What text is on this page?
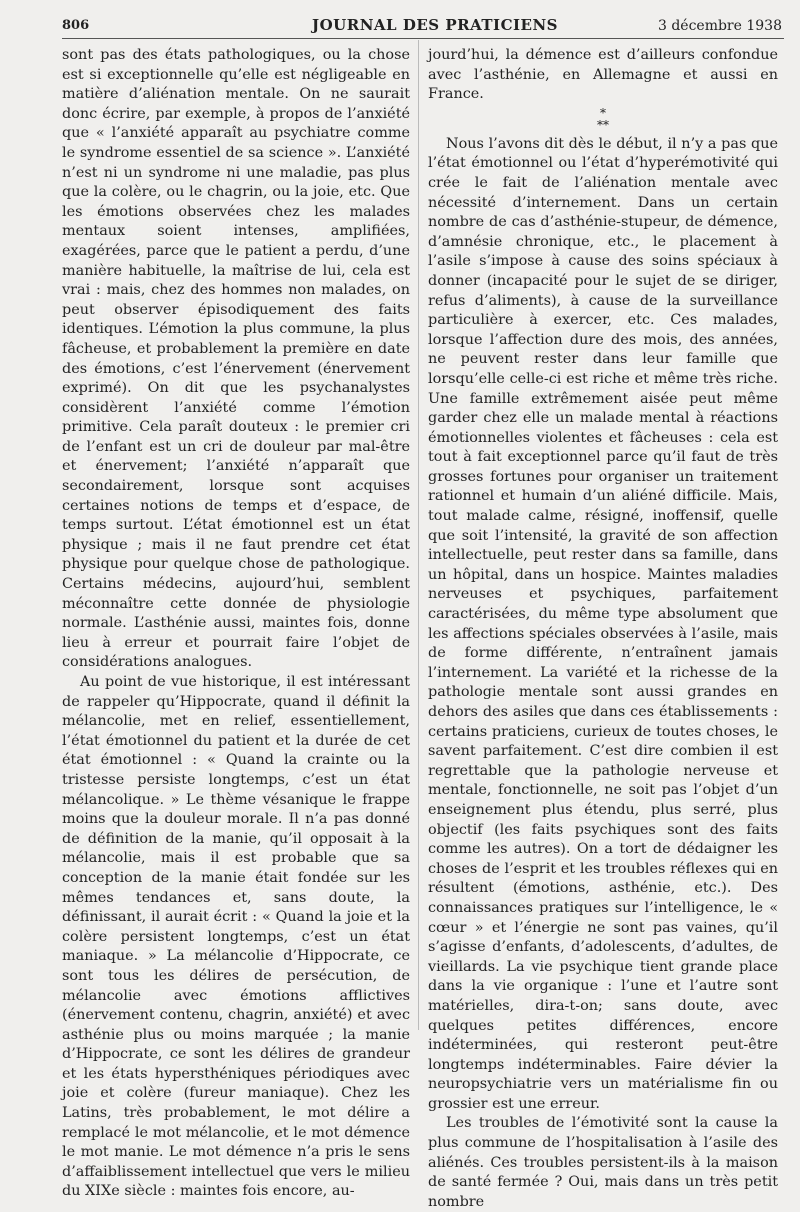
806	JOURNAL DES PRATICIENS	3 décembre 1938

sont pas des états pathologiques, ou la chose est si exceptionnelle qu’elle est négligeable en matière d’aliénation mentale. On ne saurait donc écrire, par exemple, à propos de l’anxiété que « l’anxiété apparaît au psychiatre comme le syndrome essentiel de sa science ». L’anxiété n’est ni un syndrome ni une maladie, pas plus que la colère, ou le chagrin, ou la joie, etc. Que les émotions observées chez les malades mentaux soient intenses, amplifiées, exagérées, parce que le patient a perdu, d’une manière habituelle, la maîtrise de lui, cela est vrai : mais, chez des hommes non malades, on peut observer épisodiquement des faits identiques. L’émotion la plus commune, la plus fâcheuse, et probablement la première en date des émotions, c’est l’énervement (énervement exprimé). On dit que les psychanalystes considèrent l’anxiété comme l’émotion primitive. Cela paraît douteux : le premier cri de l’enfant est un cri de douleur par mal-être et énervement; l’anxiété n’apparaît que secondairement, lorsque sont acquises certaines notions de temps et d’espace, de temps surtout. L’état émotionnel est un état physique ; mais il ne faut prendre cet état physique pour quelque chose de pathologique. Certains médecins, aujourd’hui, semblent méconnaître cette donnée de physiologie normale. L’asthénie aussi, maintes fois, donne lieu à erreur et pourrait faire l’objet de considérations analogues.

Au point de vue historique, il est intéressant de rappeler qu’Hippocrate, quand il définit la mélancolie, met en relief, essentiellement, l’état émotionnel du patient et la durée de cet état émotionnel : « Quand la crainte ou la tristesse persiste longtemps, c’est un état mélancolique. » Le thème vésanique le frappe moins que la douleur morale. Il n’a pas donné de définition de la manie, qu’il opposait à la mélancolie, mais il est probable que sa conception de la manie était fondée sur les mêmes tendances et, sans doute, la définissant, il aurait écrit : « Quand la joie et la colère persistent longtemps, c’est un état maniaque. » La mélancolie d’Hippocrate, ce sont tous les délires de persécution, de mélancolie avec émotions afflictives (énervement contenu, chagrin, anxiété) et avec asthénie plus ou moins marquée ; la manie d’Hippocrate, ce sont les délires de grandeur et les états hypersthéniques périodiques avec joie et colère (fureur maniaque). Chez les Latins, très probablement, le mot délire a remplacé le mot mélancolie, et le mot démence le mot manie. Le mot démence n’a pris le sens d’affaiblissement intellectuel que vers le milieu du XIXe siècle : maintes fois encore, au-

jourd’hui, la démence est d’ailleurs confondue avec l’asthénie, en Allemagne et aussi en France.

*
**

Nous l’avons dit dès le début, il n’y a pas que l’état émotionnel ou l’état d’hyperémotivité qui crée le fait de l’aliénation mentale avec nécessité d’internement. Dans un certain nombre de cas d’asthénie-stupeur, de démence, d’amnésie chronique, etc., le placement à l’asile s’impose à cause des soins spéciaux à donner (incapacité pour le sujet de se diriger, refus d’aliments), à cause de la surveillance particulière à exercer, etc. Ces malades, lorsque l’affection dure des mois, des années, ne peuvent rester dans leur famille que lorsqu’elle celle-ci est riche et même très riche. Une famille extrêmement aisée peut même garder chez elle un malade mental à réactions émotionnelles violentes et fâcheuses : cela est tout à fait exceptionnel parce qu’il faut de très grosses fortunes pour organiser un traitement rationnel et humain d’un aliéné difficile. Mais, tout malade calme, résigné, inoffensif, quelle que soit l’intensité, la gravité de son affection intellectuelle, peut rester dans sa famille, dans un hôpital, dans un hospice. Maintes maladies nerveuses et psychiques, parfaitement caractérisées, du même type absolument que les affections spéciales observées à l’asile, mais de forme différente, n’entraînent jamais l’internement. La variété et la richesse de la pathologie mentale sont aussi grandes en dehors des asiles que dans ces établissements : certains praticiens, curieux de toutes choses, le savent parfaitement. C’est dire combien il est regrettable que la pathologie nerveuse et mentale, fonctionnelle, ne soit pas l’objet d’un enseignement plus étendu, plus serré, plus objectif (les faits psychiques sont des faits comme les autres). On a tort de dédaigner les choses de l’esprit et les troubles réflexes qui en résultent (émotions, asthénie, etc.). Des connaissances pratiques sur l’intelligence, le « cœur » et l’énergie ne sont pas vaines, qu’il s’agisse d’enfants, d’adolescents, d’adultes, de vieillards. La vie psychique tient grande place dans la vie organique : l’une et l’autre sont matérielles, dira-t-on; sans doute, avec quelques petites différences, encore indéterminées, qui resteront peut-être longtemps indéterminables. Faire dévier la neuropsychiatrie vers un matérialisme fin ou grossier est une erreur.

Les troubles de l’émotivité sont la cause la plus commune de l’hospitalisation à l’asile des aliénés. Ces troubles persistent-ils à la maison de santé fermée ? Oui, mais dans un très petit nombre
